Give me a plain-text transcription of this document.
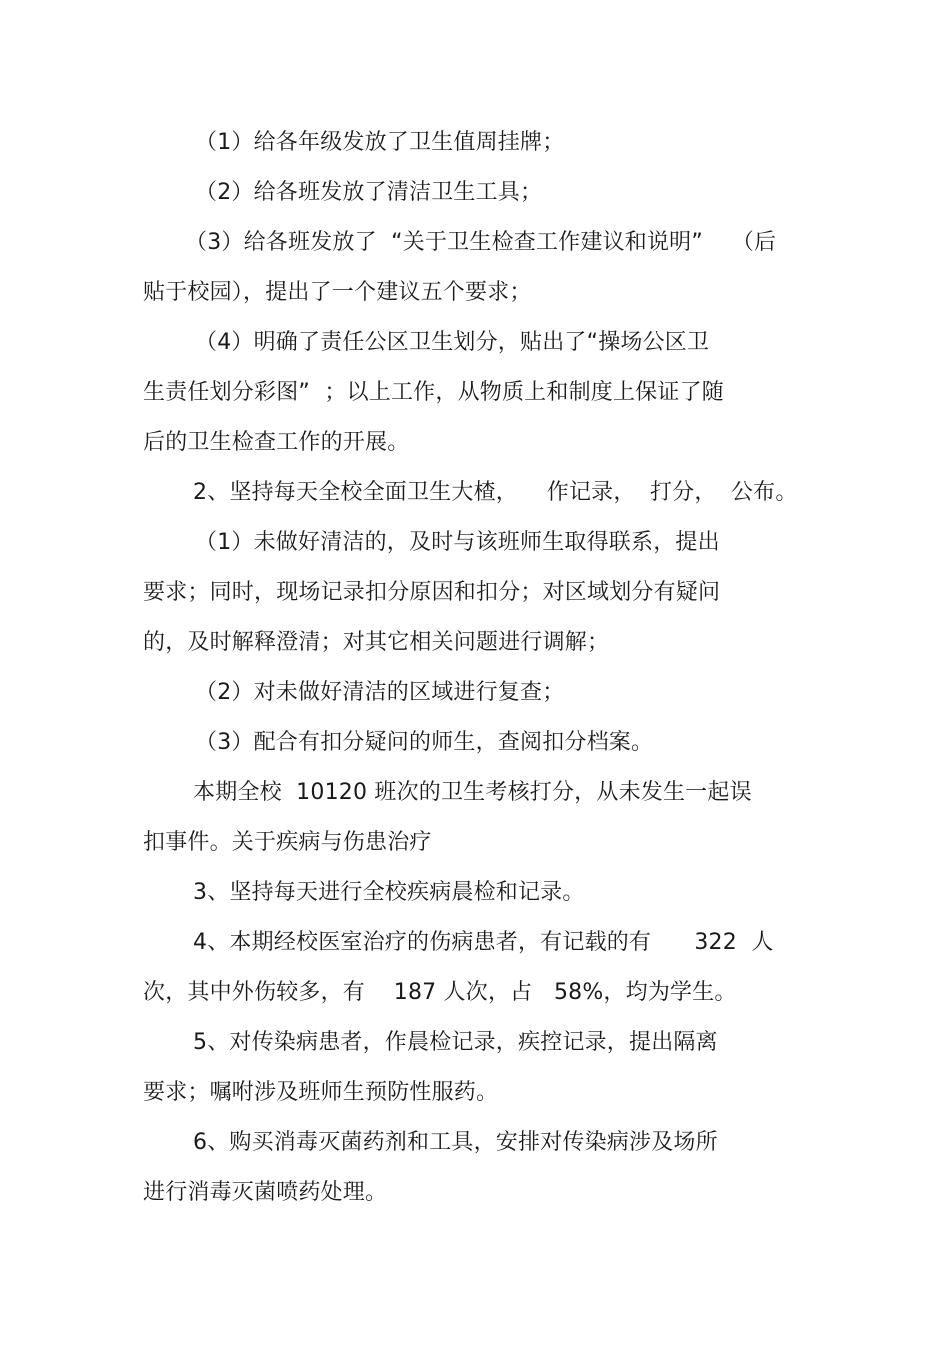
（1）给各年级发放了卫生值周挂牌；
（2）给各班发放了清洁卫生工具；
（3）给各班发放了  “关于卫生检查工作建议和说明”    （后
贴于校园），提出了一个建议五个要求；
（4）明确了责任公区卫生划分，贴出了“操场公区卫
生责任划分彩图”  ；以上工作，从物质上和制度上保证了随
后的卫生检查工作的开展。
2、坚持每天全校全面卫生大楂，    作记录，  打分，  公布。
（1）未做好清洁的，及时与该班师生取得联系，提出
要求；同时，现场记录扣分原因和扣分；对区域划分有疑问
的，及时解释澄清；对其它相关问题进行调解；
（2）对未做好清洁的区域进行复查；
（3）配合有扣分疑问的师生，查阅扣分档案。
本期全校  10120 班次的卫生考核打分，从未发生一起误
扣事件。关于疾病与伤患治疗
3、坚持每天进行全校疾病晨检和记录。
4、本期经校医室治疗的伤病患者，有记载的有      322  人
次，其中外伤较多，有    187 人次，占   58%，均为学生。
5、对传染病患者，作晨检记录，疾控记录，提出隔离
要求；嘱咐涉及班师生预防性服药。
6、购买消毒灭菌药剂和工具，安排对传染病涉及场所
进行消毒灭菌喷药处理。
